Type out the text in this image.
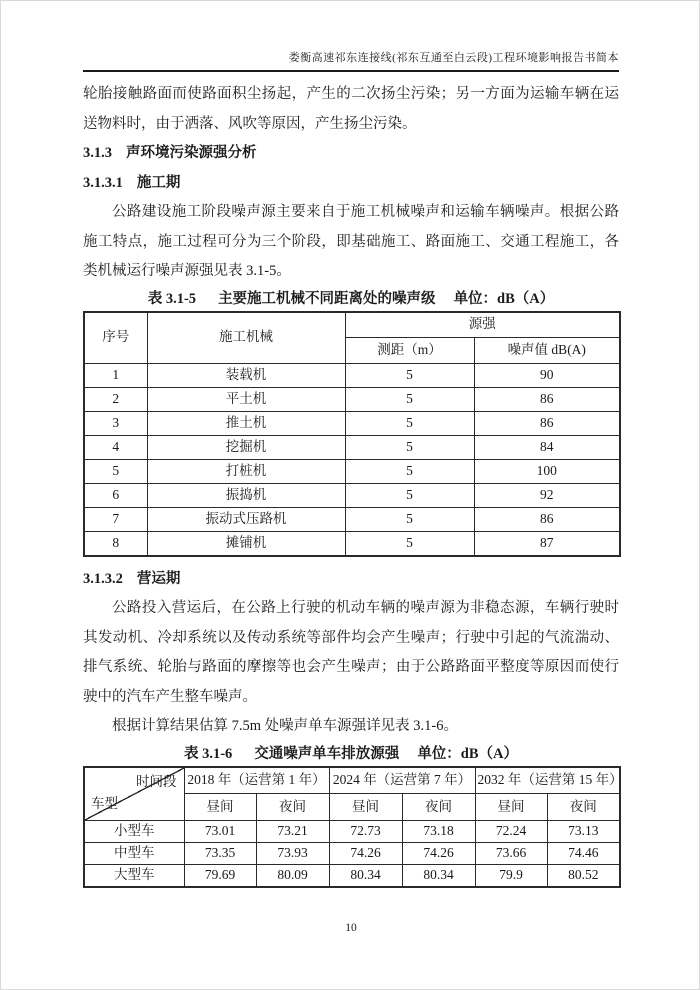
娄衡高速祁东连接线(祁东互通至白云段)工程环境影响报告书简本

轮胎接触路面而使路面积尘扬起，产生的二次扬尘污染；另一方面为运输车辆在运送物料时，由于洒落、风吹等原因，产生扬尘污染。

3.1.3 声环境污染源强分析
3.1.3.1 施工期

公路建设施工阶段噪声源主要来自于施工机械噪声和运输车辆噪声。根据公路施工特点，施工过程可分为三个阶段，即基础施工、路面施工、交通工程施工，各类机械运行噪声源强见表 3.1-5。

表 3.1-5 主要施工机械不同距离处的噪声级 单位：dB（A）
序号	施工机械	源强	
		测距（m）	噪声值 dB(A)
1	装载机	5	90
2	平土机	5	86
3	推土机	5	86
4	挖掘机	5	84
5	打桩机	5	100
6	振捣机	5	92
7	振动式压路机	5	86
8	摊铺机	5	87
3.1.3.2 营运期

公路投入营运后，在公路上行驶的机动车辆的噪声源为非稳态源，车辆行驶时其发动机、冷却系统以及传动系统等部件均会产生噪声；行驶中引起的气流湍动、排气系统、轮胎与路面的摩擦等也会产生噪声；由于公路路面平整度等原因而使行驶中的汽车产生整车噪声。

根据计算结果估算 7.5m 处噪声单车源强详见表 3.1-6。

表 3.1-6 交通噪声单车排放源强 单位：dB（A）
时间段
车型	2018 年（运营第 1 年）		2024 年（运营第 7 年）		2032 年（运营第 15 年）	
	昼间	夜间	昼间	夜间	昼间	夜间
小型车	73.01	73.21	72.73	73.18	72.24	73.13
中型车	73.35	73.93	74.26	74.26	73.66	74.46
大型车	79.69	80.09	80.34	80.34	79.9	80.52
10
